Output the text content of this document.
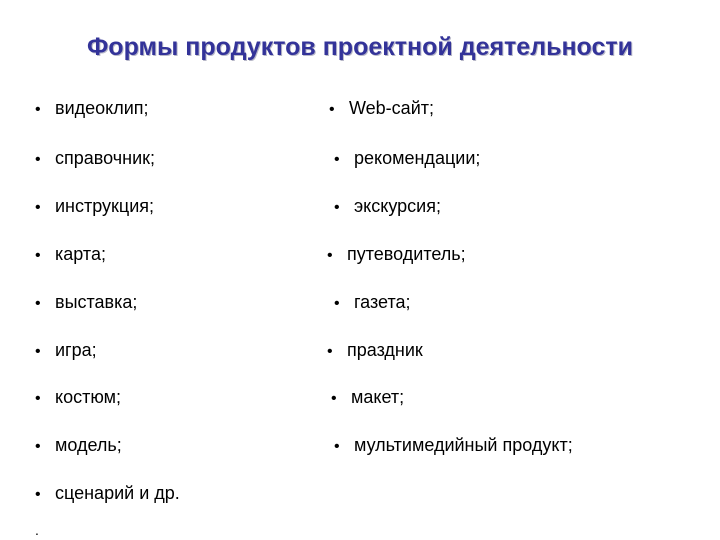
Формы продуктов проектной деятельности
• видеоклип;
• справочник;
• инструкция;
• карта;
• выставка;
• игра;
• костюм;
• модель;
• сценарий и др.
• Web-сайт;
• рекомендации;
• экскурсия;
• путеводитель;
• газета;
• праздник
• макет;
• мультимедийный продукт;
.
